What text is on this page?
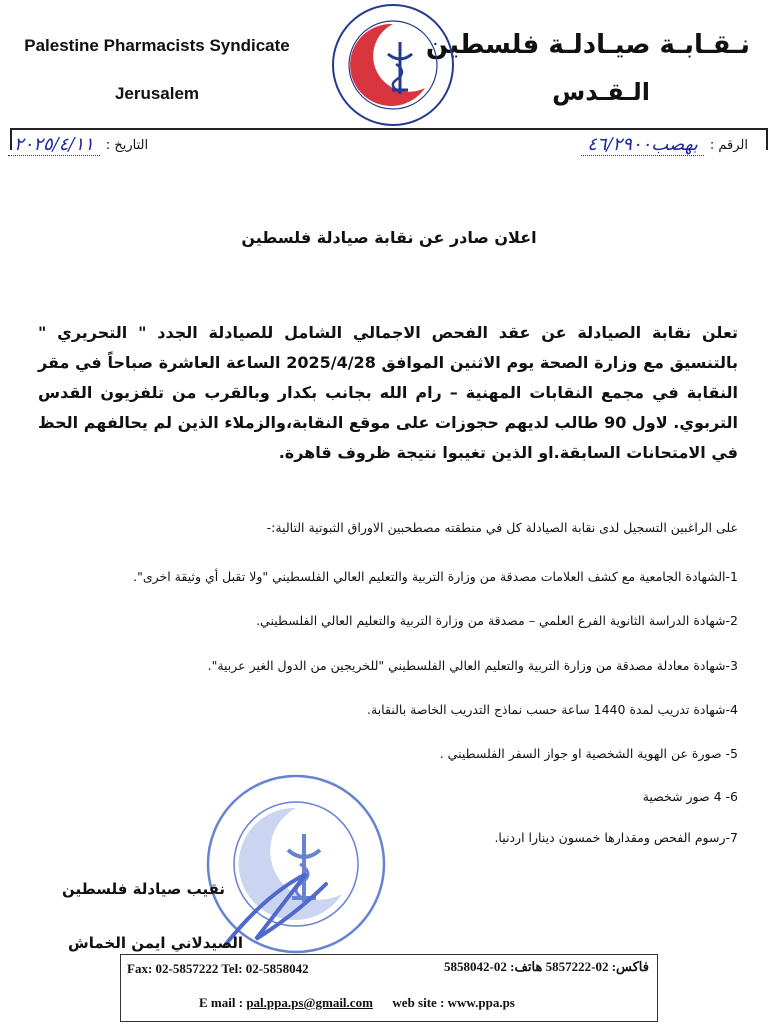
Palestine Pharmacists Syndicate
Jerusalem
نـقـابـة صيـادلـة فلسطين
الـقـدس
الرقم :
بهصب٤٦/٢٩٠٠
التاريخ :
٢٠٢٥/٤/١١
اعلان صادر عن نقابة صيادلة فلسطين
تعلن نقابة الصيادلة عن عقد الفحص الاجمالي الشامل للصيادلة الجدد " التحريري " بالتنسيق مع وزارة الصحة يوم الاثنين الموافق 2025/4/28 الساعة العاشرة صباحاً في مقر النقابة في مجمع النقابات المهنية – رام الله بجانب بكدار وبالقرب من تلفزيون القدس التربوي. لاول 90 طالب لديهم حجوزات على موقع النقابة،والزملاء الذين لم يحالفهم الحظ في الامتحانات السابقة.او الذين تغيبوا نتيجة ظروف قاهرة.
على الراغبين التسجيل لدى نقابة الصيادلة كل في منطقته مصطحبين الاوراق الثبوتية التالية:-
1-الشهادة الجامعية مع كشف العلامات مصدقة من وزارة التربية والتعليم العالي الفلسطيني "ولا تقبل أي وثيقة اخرى".
2-شهادة الدراسة الثانوية الفرع العلمي – مصدقة من وزارة التربية والتعليم العالي الفلسطيني.
3-شهادة معادلة مصدقة من وزارة التربية والتعليم العالي الفلسطيني "للخريجين من الدول الغير عربية".
4-شهادة تدريب لمدة 1440 ساعة حسب نماذج التدريب الخاصة بالنقابة.
5- صورة عن الهوية الشخصية او جواز السفر الفلسطيني .
6- 4 صور شخصية
7-رسوم الفحص ومقدارها خمسون دينارا اردنيا.
نقيب صيادلة فلسطين
الصيدلاني ايمن الخماش
Fax: 02-5857222 Tel: 02-5858042	فاكس: 02-5857222 هاتف: 02-5858042
E mail : pal.ppa.ps@gmail.com web site : www.ppa.ps
